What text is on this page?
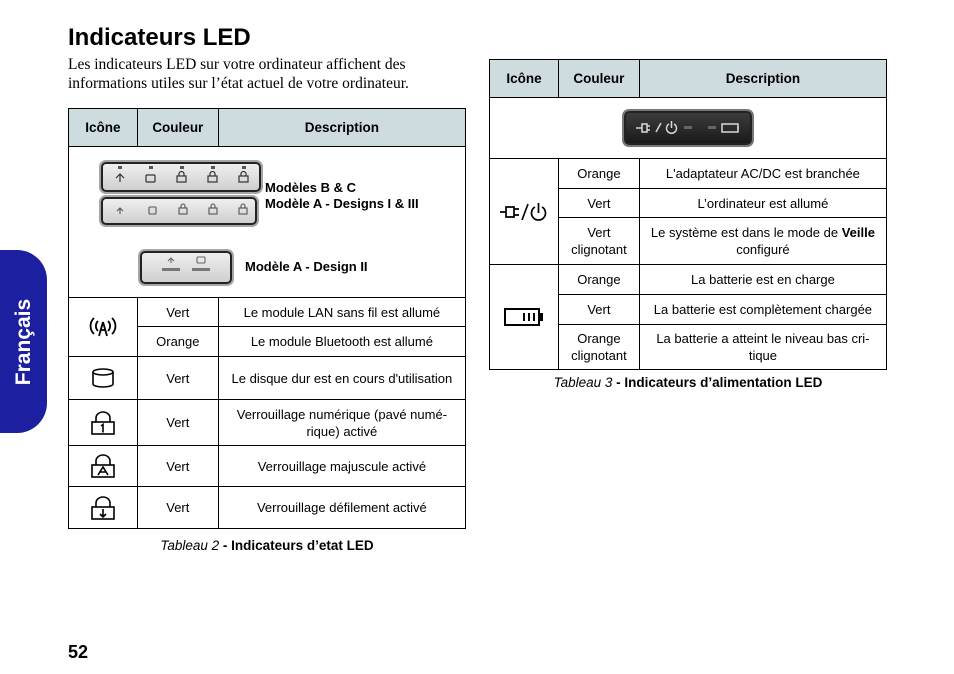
Français
Indicateurs LED

Les indicateurs LED sur votre ordinateur affichent des informations utiles sur l’état actuel de votre ordinateur.

Icône	Couleur	Description

Modèles B & C
Modèle A - Designs I & III
Modèle A - Design II		

	Vert	Le module LAN sans fil est allumé
	Orange	Le module Bluetooth est allumé

	Vert	Le disque dur est en cours d'utilisation

	Vert	Verrouillage numérique (pavé numé-rique) activé

	Vert	Verrouillage majuscule activé

	Vert	Verrouillage défilement activé
Tableau 2 - Indicateurs d’etat LED
Icône	Couleur	Description

	Orange	L'adaptateur AC/DC est branchée
	Vert	L’ordinateur est allumé

	Vert
clignotant	Le système est dans le mode de Veille configuré

	Orange	La batterie est en charge
	Vert	La batterie est complètement chargée

	Orange
clignotant	La batterie a atteint le niveau bas cri-tique
Tableau 3 - Indicateurs d’alimentation LED
52
